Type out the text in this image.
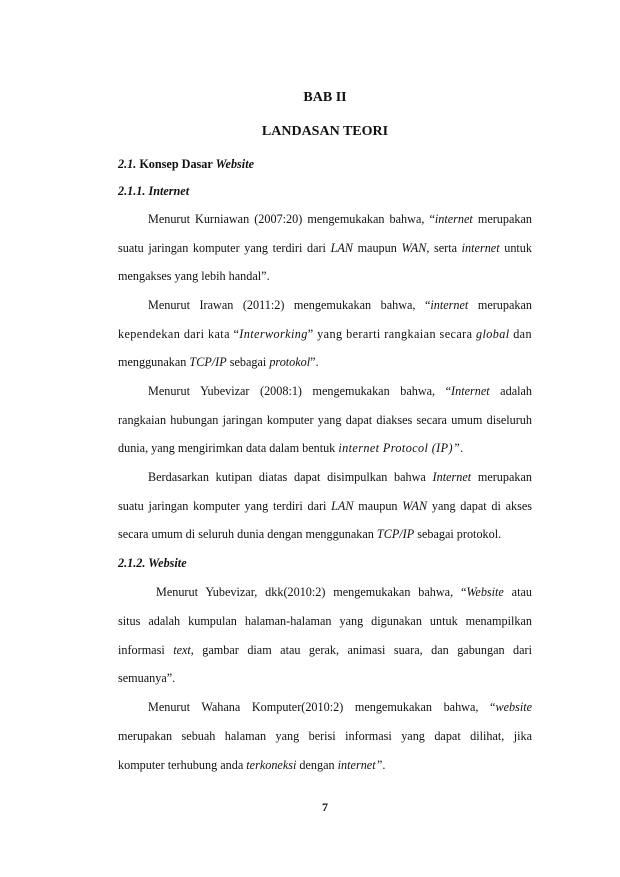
BAB II
LANDASAN TEORI
2.1. Konsep Dasar Website
2.1.1. Internet
Menurut Kurniawan (2007:20) mengemukakan bahwa, “internet merupakan
suatu jaringan komputer yang terdiri dari LAN maupun WAN, serta internet untuk
mengakses yang lebih handal”.
Menurut Irawan (2011:2) mengemukakan bahwa, “internet merupakan
kependekan dari kata “Interworking” yang berarti rangkaian secara global dan
menggunakan TCP/IP sebagai protokol”.
Menurut Yubevizar (2008:1) mengemukakan bahwa, “Internet adalah
rangkaian hubungan jaringan komputer yang dapat diakses secara umum diseluruh
dunia, yang mengirimkan data dalam bentuk internet Protocol (IP)”.
Berdasarkan kutipan diatas dapat disimpulkan bahwa Internet merupakan
suatu jaringan komputer yang terdiri dari LAN maupun WAN yang dapat di akses
secara umum di seluruh dunia dengan menggunakan TCP/IP sebagai protokol.
2.1.2. Website
Menurut Yubevizar, dkk(2010:2) mengemukakan bahwa, “Website atau
situs adalah kumpulan halaman-halaman yang digunakan untuk menampilkan
informasi text, gambar diam atau gerak, animasi suara, dan gabungan dari
semuanya”.
Menurut Wahana Komputer(2010:2) mengemukakan bahwa, “website
merupakan sebuah halaman yang berisi informasi yang dapat dilihat, jika
komputer terhubung anda terkoneksi dengan internet”.
7
